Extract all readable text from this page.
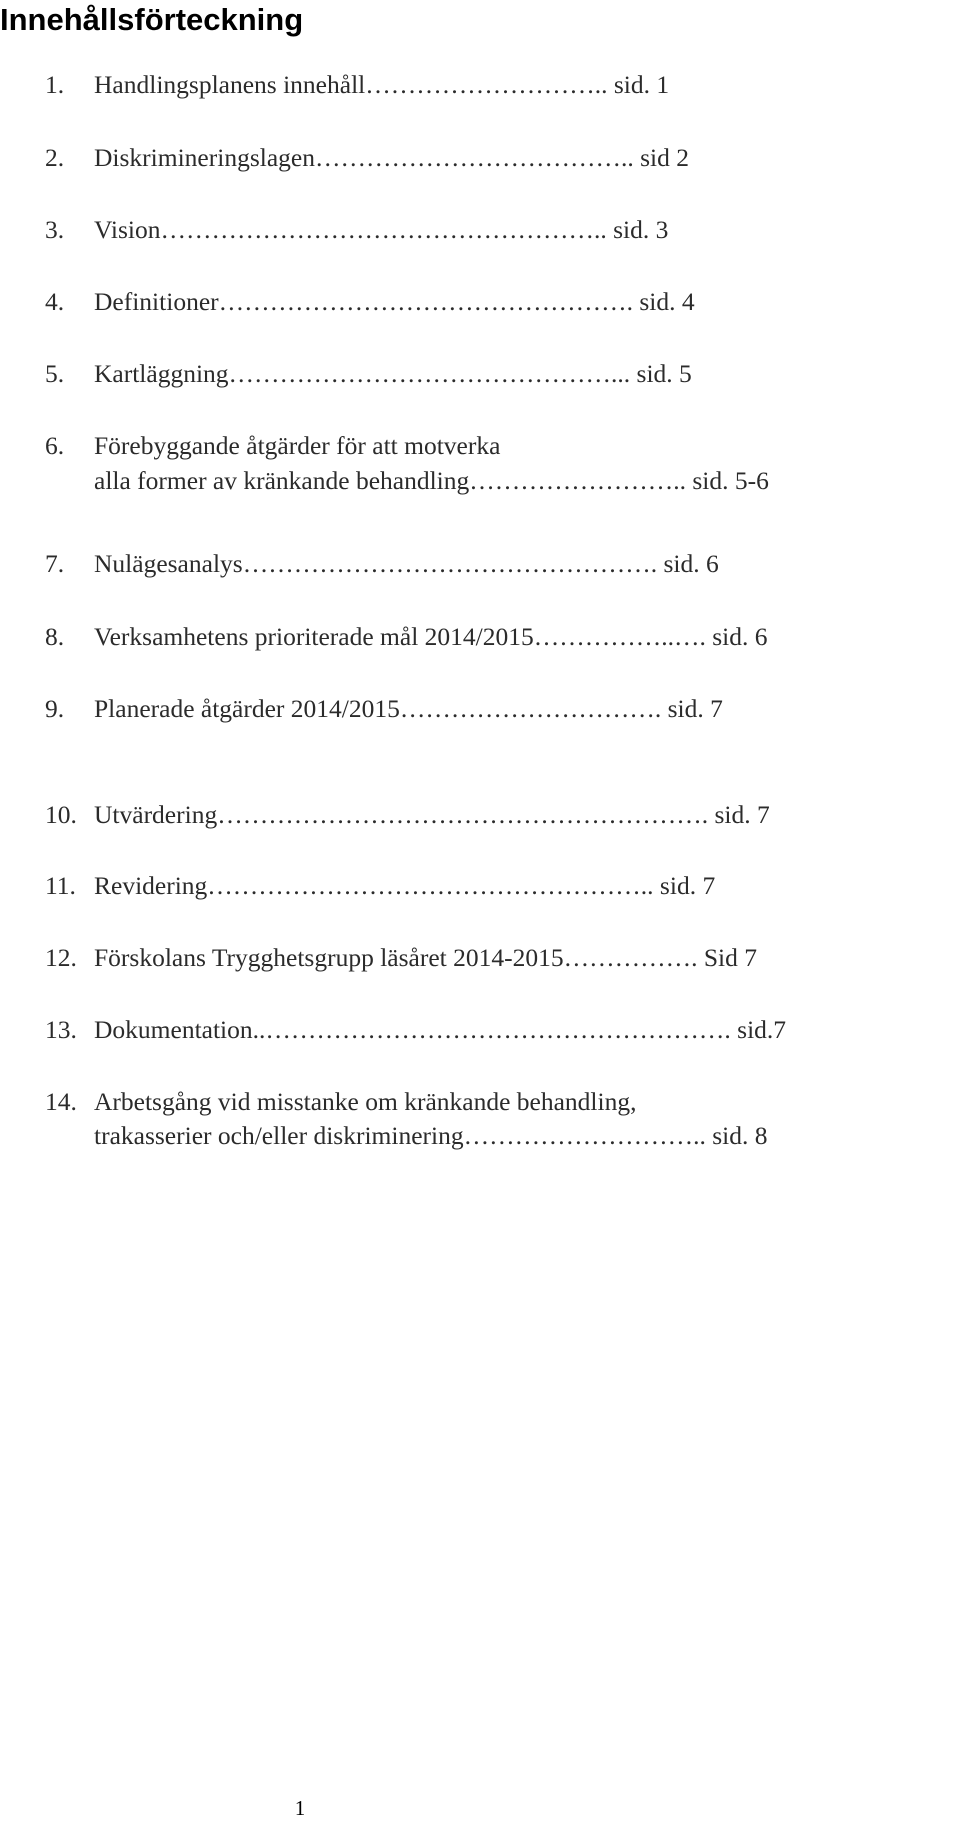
Innehållsförteckning
1. Handlingsplanens innehåll……………………….. sid. 1
2. Diskrimineringslagen……………………………….. sid 2
3. Vision…………………………………………….. sid. 3
4. Definitioner…………………………………………. sid. 4
5. Kartläggning………………………………………... sid. 5
6. Förebyggande åtgärder för att motverka
alla former av kränkande behandling…………………….. sid. 5-6
7. Nulägesanalys…………………………………………. sid. 6
8. Verksamhetens prioriterade mål 2014/2015……………..…. sid. 6
9. Planerade åtgärder 2014/2015…………………………. sid. 7
10. Utvärdering…………………………………………………. sid. 7
11. Revidering…………………………………………….. sid. 7
12. Förskolans Trygghetsgrupp läsåret 2014-2015……………. Sid 7
13. Dokumentation..………………………………………………. sid.7
14. Arbetsgång vid misstanke om kränkande behandling,
trakasserier och/eller diskriminering……………………….. sid. 8
1
